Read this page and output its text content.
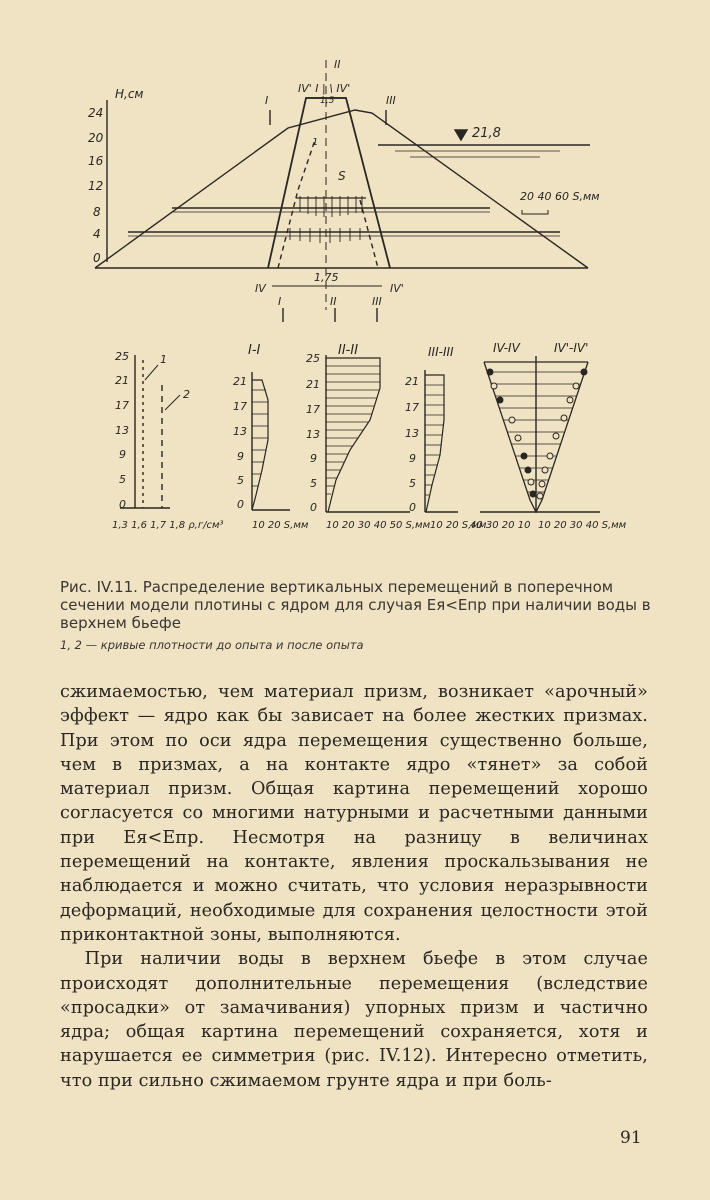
Н,см
24
20
16
12
8
4
0
21,8
20 40 60 S,мм
S
IV' I | \ IV'
II
1,5
I	III
1
IV	IV'
1,75
I	II	III
25
21
17
13
9
5
0
1
2
1,3 1,6 1,7 1,8 ρ,г/см³
I-I
21
17
13
9
5
0
10 20 S,мм
II-II
25
21
17
13
9
5
0
10 20 30 40 50 S,мм
III-III
21
17
13
9
5
0
10 20 S,мм
IV-IV	IV'-IV'
40 30 20 10 10 20 30 40 S,мм
Рис. IV.11. Распределение вертикальных перемещений в поперечном сечении модели плотины с ядром для случая Eя<Eпр при наличии воды в верхнем бьефе
1, 2 — кривые плотности до опыта и после опыта

сжимаемостью, чем материал призм, возникает «арочный» эффект — ядро как бы зависает на более жестких призмах. При этом по оси ядра перемещения существенно больше, чем в призмах, а на контакте ядро «тянет» за собой материал призм. Общая картина перемещений хорошо согласуется со многими натурными и расчетными данными при Eя<Eпр. Несмотря на разницу в величинах перемещений на контакте, явления проскальзывания не наблюдается и можно считать, что условия неразрывности деформаций, необходимые для сохранения целостности этой приконтактной зоны, выполняются.

При наличии воды в верхнем бьефе в этом случае происходят дополнительные перемещения (вследствие «просадки» от замачивания) упорных призм и частично ядра; общая картина перемещений сохраняется, хотя и нарушается ее симметрия (рис. IV.12). Интересно отметить, что при сильно сжимаемом грунте ядра и при боль-

91
